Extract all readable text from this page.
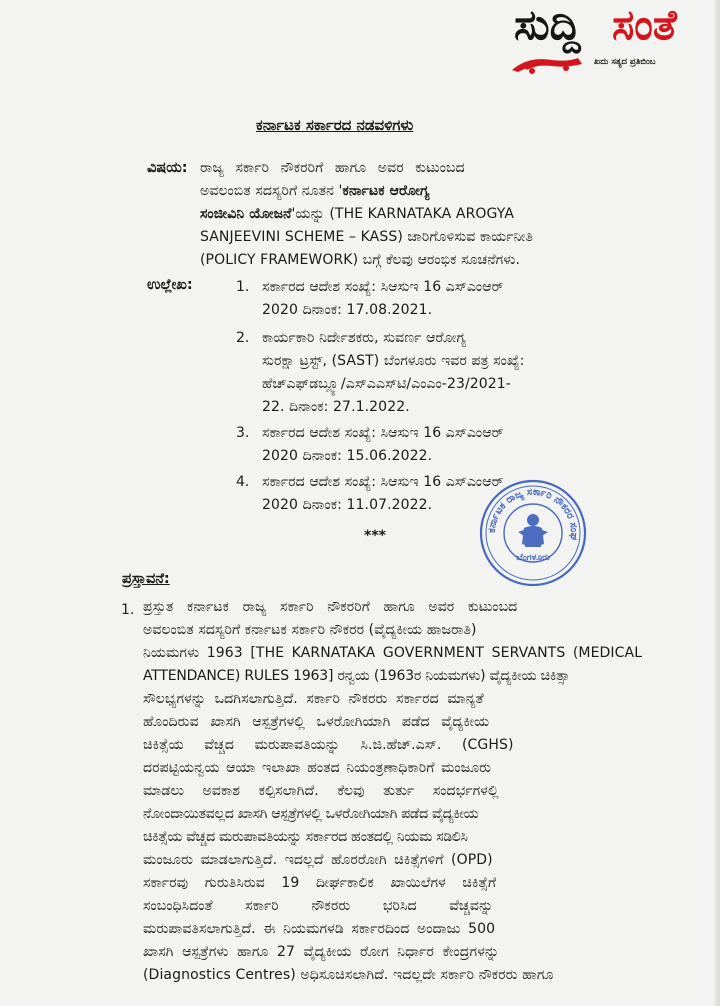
ಸುದ್ದಿ ಸಂತೆ
ಖದು ಸತ್ಯದ ಪ್ರತಿಬಿಂಬ
ಕರ್ನಾಟಕ ಸರ್ಕಾರದ ನಡವಳಿಗಳು
ವಿಷಯ: ರಾಜ್ಯ ಸರ್ಕಾರಿ ನೌಕರರಿಗೆ ಹಾಗೂ ಅವರ ಕುಟುಂಬದ
ಅವಲಂಬಿತ ಸದಸ್ಯರಿಗೆ ನೂತನ 'ಕರ್ನಾಟಕ ಆರೋಗ್ಯ
ಸಂಜೀವಿನಿ ಯೋಜನೆ'ಯನ್ನು (THE KARNATAKA AROGYA
SANJEEVINI SCHEME – KASS) ಜಾರಿಗೊಳಿಸುವ ಕಾರ್ಯನೀತಿ
(POLICY FRAMEWORK) ಬಗ್ಗೆ ಕೆಲವು ಆರಂಭಿಕ ಸೂಚನೆಗಳು.
ಉಲ್ಲೇಖ:	1. ಸರ್ಕಾರದ ಆದೇಶ ಸಂಖ್ಯೆ: ಸಿಆಸುಇ 16 ಎಸ್ಎಂಆರ್
2020 ದಿನಾಂಕ: 17.08.2021.
2. ಕಾರ್ಯಕಾರಿ ನಿರ್ದೇಶಕರು, ಸುವರ್ಣ ಆರೋಗ್ಯ
ಸುರಕ್ಷಾ ಟ್ರಸ್ಟ್, (SAST) ಬೆಂಗಳೂರು ಇವರ ಪತ್ರ ಸಂಖ್ಯೆ:
ಹೆಚ್ಎಫ್‌ಡಬ್ಲ್ಯೂ/ಎಸ್ಎಎಸ್‌ಟಿ/ಎಂಎಂ-23/2021-
22. ದಿನಾಂಕ: 27.1.2022.
3. ಸರ್ಕಾರದ ಆದೇಶ ಸಂಖ್ಯೆ: ಸಿಆಸುಇ 16 ಎಸ್ಎಂಆರ್
2020 ದಿನಾಂಕ: 15.06.2022.
4. ಸರ್ಕಾರದ ಆದೇಶ ಸಂಖ್ಯೆ: ಸಿಆಸುಇ 16 ಎಸ್ಎಂಆರ್
2020 ದಿನಾಂಕ: 11.07.2022.
ಕರ್ನಾಟಕ ರಾಜ್ಯ ಸರ್ಕಾರಿ ನೌಕರರ ಸಂಘ
ಬೆಂಗಳೂರು
***
ಪ್ರಸ್ತಾವನೆ:
1. ಪ್ರಸ್ತುತ ಕರ್ನಾಟಕ ರಾಜ್ಯ ಸರ್ಕಾರಿ ನೌಕರರಿಗೆ ಹಾಗೂ ಅವರ ಕುಟುಂಬದ
ಅವಲಂಬಿತ ಸದಸ್ಯರಿಗೆ ಕರ್ನಾಟಕ ಸರ್ಕಾರಿ ನೌಕರರ (ವೈದ್ಯಕೀಯ ಹಾಜರಾತಿ)
ನಿಯಮಗಳು 1963 [THE KARNATAKA GOVERNMENT SERVANTS (MEDICAL
ATTENDANCE) RULES 1963] ರನ್ವಯ (1963ರ ನಿಯಮಗಳು) ವೈದ್ಯಕೀಯ ಚಿಕಿತ್ಸಾ
ಸೌಲಭ್ಯಗಳನ್ನು ಒದಗಿಸಲಾಗುತ್ತಿದೆ. ಸರ್ಕಾರಿ ನೌಕರರು ಸರ್ಕಾರದ ಮಾನ್ಯತೆ
ಹೊಂದಿರುವ ಖಾಸಗಿ ಆಸ್ಪತ್ರೆಗಳಲ್ಲಿ ಒಳರೋಗಿಯಾಗಿ ಪಡೆದ ವೈದ್ಯಕೀಯ
ಚಿಕಿತ್ಸೆಯ ವೆಚ್ಚದ ಮರುಪಾವತಿಯನ್ನು ಸಿ.ಜಿ.ಹೆಚ್.ಎಸ್. (CGHS)
ದರಪಟ್ಟಿಯನ್ವಯ ಆಯಾ ಇಲಾಖಾ ಹಂತದ ನಿಯಂತ್ರಣಾಧಿಕಾರಿಗೆ ಮಂಜೂರು
ಮಾಡಲು ಅವಕಾಶ ಕಲ್ಪಿಸಲಾಗಿದೆ. ಕೆಲವು ತುರ್ತು ಸಂದರ್ಭಗಳಲ್ಲಿ
ನೋಂದಾಯಿತವಲ್ಲದ ಖಾಸಗಿ ಆಸ್ಪತ್ರೆಗಳಲ್ಲಿ ಒಳರೋಗಿಯಾಗಿ ಪಡೆದ ವೈದ್ಯಕೀಯ
ಚಿಕಿತ್ಸೆಯ ವೆಚ್ಚದ ಮರುಪಾವತಿಯನ್ನು ಸರ್ಕಾರದ ಹಂತದಲ್ಲಿ ನಿಯಮ ಸಡಿಲಿಸಿ
ಮಂಜೂರು ಮಾಡಲಾಗುತ್ತಿದೆ. ಇದಲ್ಲದೆ ಹೊರರೋಗಿ ಚಿಕಿತ್ಸೆಗಳಿಗೆ (OPD)
ಸರ್ಕಾರವು ಗುರುತಿಸಿರುವ 19 ದೀರ್ಘಕಾಲಿಕ ಖಾಯಿಲೆಗಳ ಚಿಕಿತ್ಸೆಗೆ
ಸಂಬಂಧಿಸಿದಂತೆ ಸರ್ಕಾರಿ ನೌಕರರು ಭರಿಸಿದ ವೆಚ್ಚವನ್ನು
ಮರುಪಾವತಿಸಲಾಗುತ್ತಿದೆ. ಈ ನಿಯಮಗಳಡಿ ಸರ್ಕಾರದಿಂದ ಅಂದಾಜು 500
ಖಾಸಗಿ ಆಸ್ಪತ್ರೆಗಳು ಹಾಗೂ 27 ವೈದ್ಯಕೀಯ ರೋಗ ನಿರ್ಧಾರ ಕೇಂದ್ರಗಳನ್ನು
(Diagnostics Centres) ಅಧಿಸೂಚಿಸಲಾಗಿದೆ. ಇದಲ್ಲದೇ ಸರ್ಕಾರಿ ನೌಕರರು ಹಾಗೂ
